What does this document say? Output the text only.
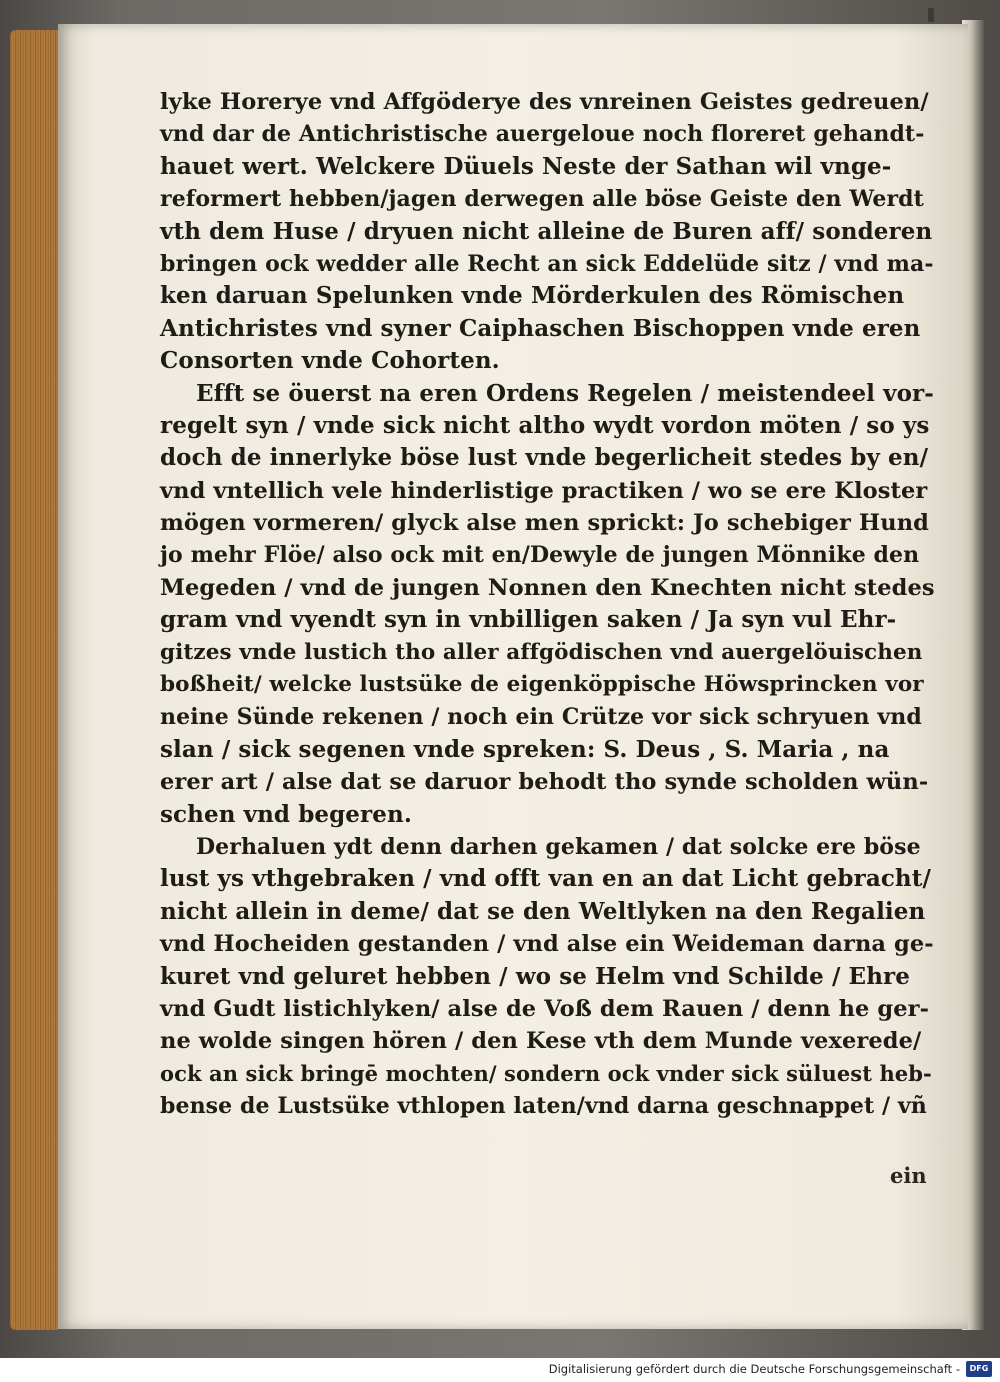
lyke Horerye vnd Affgöderye des vnreinen Geistes gedreuen/
vnd dar de Antichristische auergeloue noch floreret gehandt-
hauet wert. Welckere Düuels Neste der Sathan wil vnge-
reformert hebben/jagen derwegen alle böse Geiste den Werdt
vth dem Huse / dryuen nicht alleine de Buren aff/ sonderen
bringen ock wedder alle Recht an sick Eddelüde sitz / vnd ma-
ken daruan Spelunken vnde Mörderkulen des Römischen
Antichristes vnd syner Caiphaschen Bischoppen vnde eren
Consorten vnde Cohorten.
Efft se öuerst na eren Ordens Regelen / meistendeel vor-
regelt syn / vnde sick nicht altho wydt vordon möten / so ys
doch de innerlyke böse lust vnde begerlicheit stedes by en/
vnd vntellich vele hinderlistige practiken / wo se ere Kloster
mögen vormeren/ glyck alse men sprickt: Jo schebiger Hund
jo mehr Flöe/ also ock mit en/Dewyle de jungen Mönnike den
Megeden / vnd de jungen Nonnen den Knechten nicht stedes
gram vnd vyendt syn in vnbilligen saken / Ja syn vul Ehr-
gitzes vnde lustich tho aller affgödischen vnd auergelöuischen
boßheit/ welcke lustsüke de eigenköppische Höwsprincken vor
neine Sünde rekenen / noch ein Crütze vor sick schryuen vnd
slan / sick segenen vnde spreken: S. Deus , S. Maria , na
erer art / alse dat se daruor behodt tho synde scholden wün-
schen vnd begeren.
Derhaluen ydt denn darhen gekamen / dat solcke ere böse
lust ys vthgebraken / vnd offt van en an dat Licht gebracht/
nicht allein in deme/ dat se den Weltlyken na den Regalien
vnd Hocheiden gestanden / vnd alse ein Weideman darna ge-
kuret vnd geluret hebben / wo se Helm vnd Schilde / Ehre
vnd Gudt listichlyken/ alse de Voß dem Rauen / denn he ger-
ne wolde singen hören / den Kese vth dem Munde vexerede/
ock an sick bringē mochten/ sondern ock vnder sick süluest heb-
bense de Lustsüke vthlopen laten/vnd darna geschnappet / vñ
ein
Digitalisierung gefördert durch die Deutsche Forschungsgemeinschaft -	DFG
